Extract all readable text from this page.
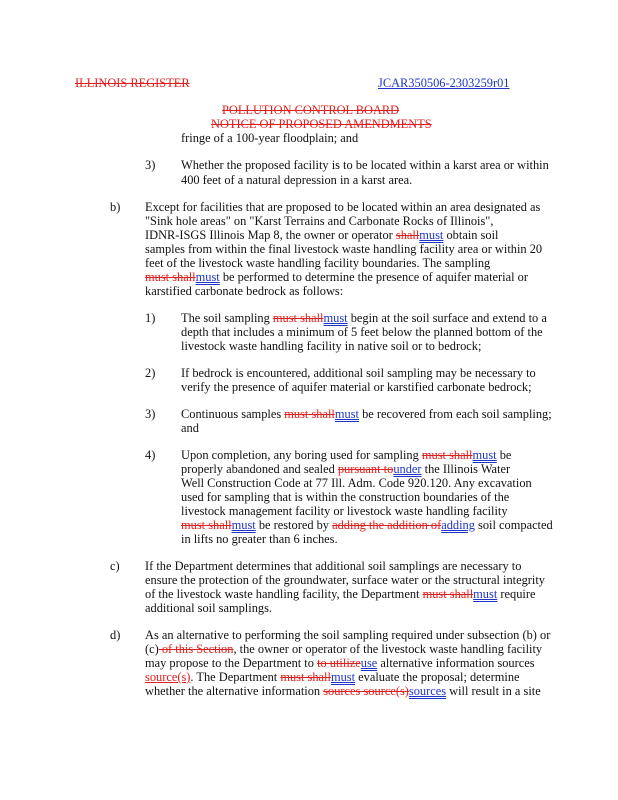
ILLINOIS REGISTER	JCAR350506-2303259r01
POLLUTION CONTROL BOARD
NOTICE OF PROPOSED AMENDMENTS
fringe of a 100-year floodplain; and
3) Whether the proposed facility is to be located within a karst area or within
400 feet of a natural depression in a karst area.
b) Except for facilities that are proposed to be located within an area designated as
"Sink hole areas" on "Karst Terrains and Carbonate Rocks of Illinois",
IDNR-ISGS Illinois Map 8, the owner or operator shallmust obtain soil
samples from within the final livestock waste handling facility area or within 20
feet of the livestock waste handling facility boundaries. The sampling
must shallmust be performed to determine the presence of aquifer material or
karstified carbonate bedrock as follows:
1) The soil sampling must shallmust begin at the soil surface and extend to a
depth that includes a minimum of 5 feet below the planned bottom of the
livestock waste handling facility in native soil or to bedrock;
2) If bedrock is encountered, additional soil sampling may be necessary to
verify the presence of aquifer material or karstified carbonate bedrock;
3) Continuous samples must shallmust be recovered from each soil sampling;
and
4) Upon completion, any boring used for sampling must shallmust be
properly abandoned and sealed pursuant tounder the Illinois Water
Well Construction Code at 77 Ill. Adm. Code 920.120. Any excavation
used for sampling that is within the construction boundaries of the
livestock management facility or livestock waste handling facility
must shallmust be restored by adding the addition ofadding soil compacted
in lifts no greater than 6 inches.
c) If the Department determines that additional soil samplings are necessary to
ensure the protection of the groundwater, surface water or the structural integrity
of the livestock waste handling facility, the Department must shallmust require
additional soil samplings.
d) As an alternative to performing the soil sampling required under subsection (b) or
(c) of this Section, the owner or operator of the livestock waste handling facility
may propose to the Department to to utilizeuse alternative information sources
source(s). The Department must shallmust evaluate the proposal; determine
whether the alternative information sources source(s)sources will result in a site
